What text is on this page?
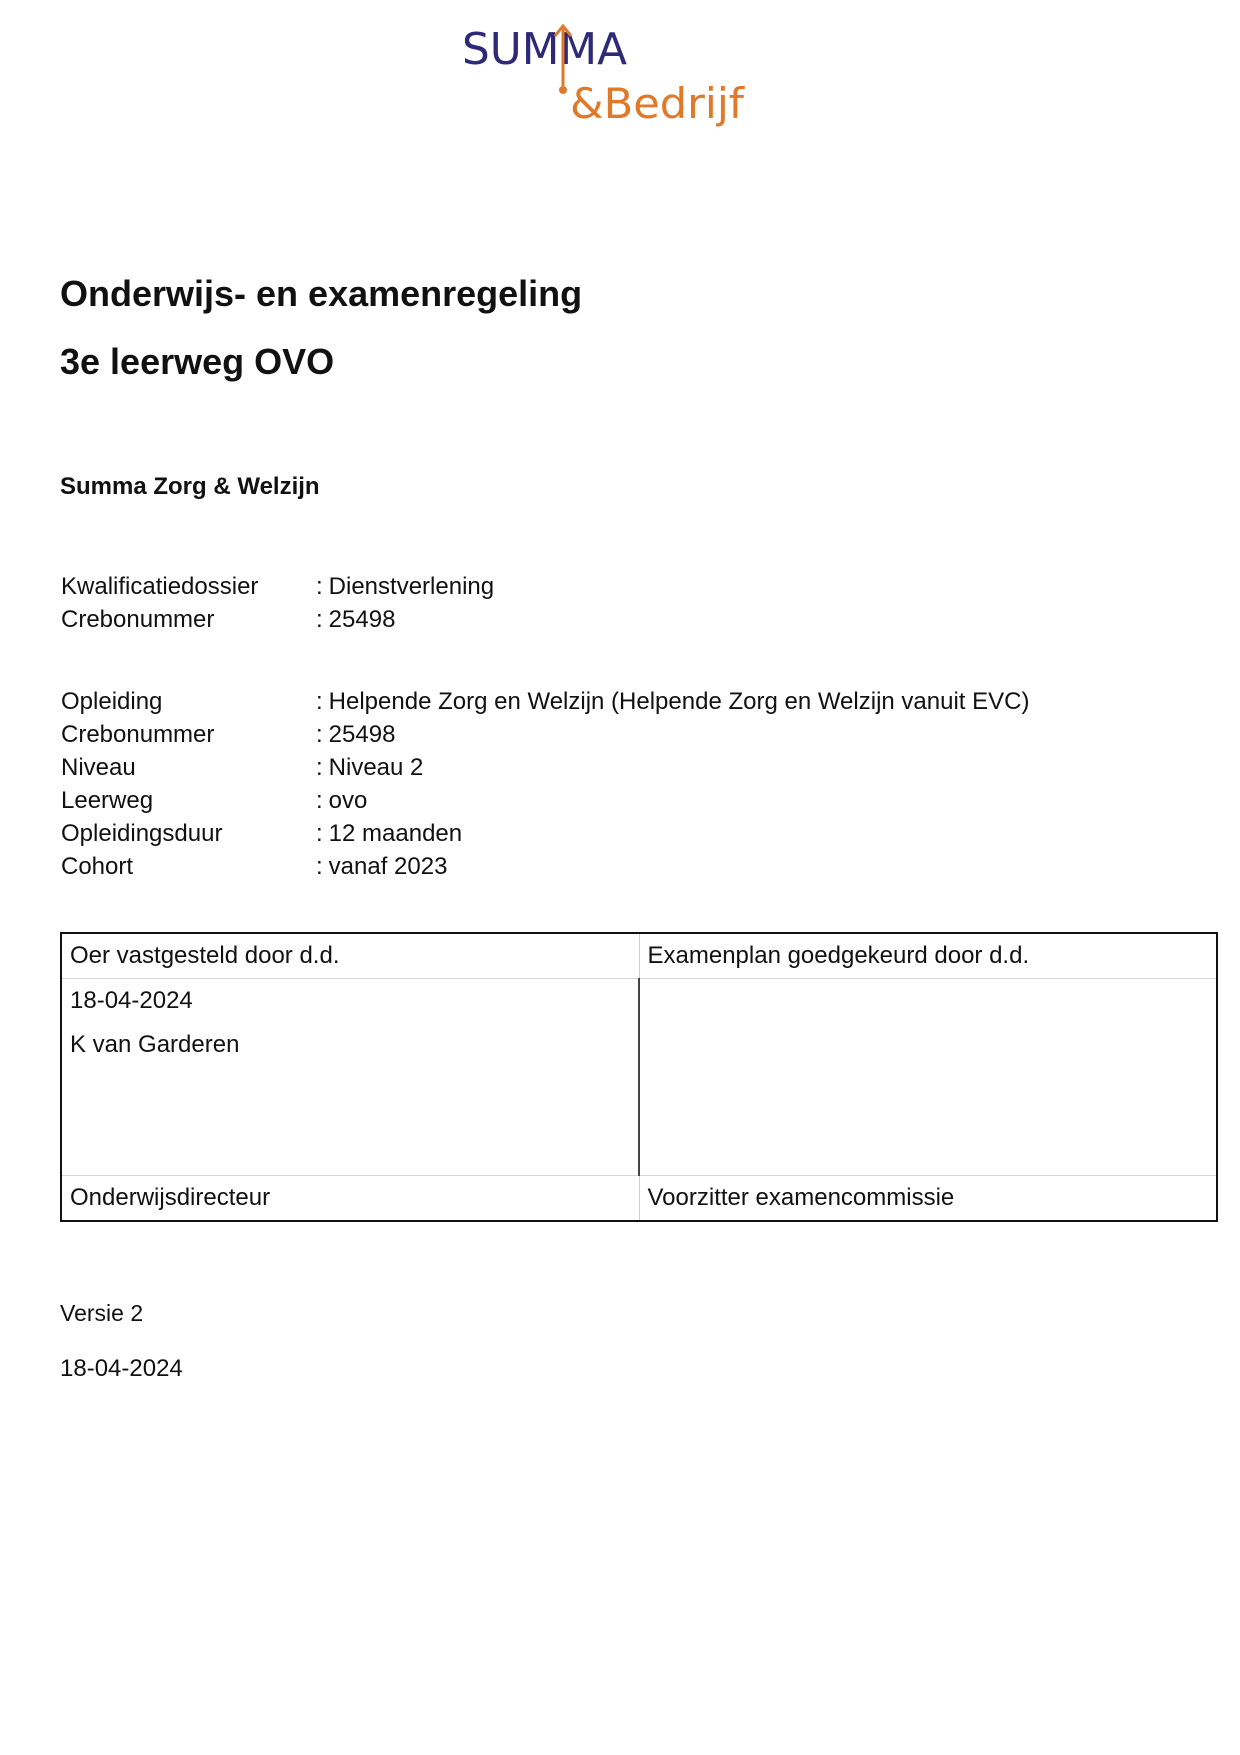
SUMMA
&Bedrijf
Onderwijs- en examenregeling
3e leerweg OVO
Summa Zorg & Welzijn
Kwalificatiedossier	: Dienstverlening
Crebonummer	: 25498
Opleiding	: Helpende Zorg en Welzijn (Helpende Zorg en Welzijn vanuit EVC)
Crebonummer	: 25498
Niveau	: Niveau 2
Leerweg	: ovo
Opleidingsduur	: 12 maanden
Cohort	: vanaf 2023
Oer vastgesteld door d.d.	Examenplan goedgekeurd door d.d.

18-04-2024
K van Garderen	

Onderwijsdirecteur	Voorzitter examencommissie
Versie 2
18-04-2024
